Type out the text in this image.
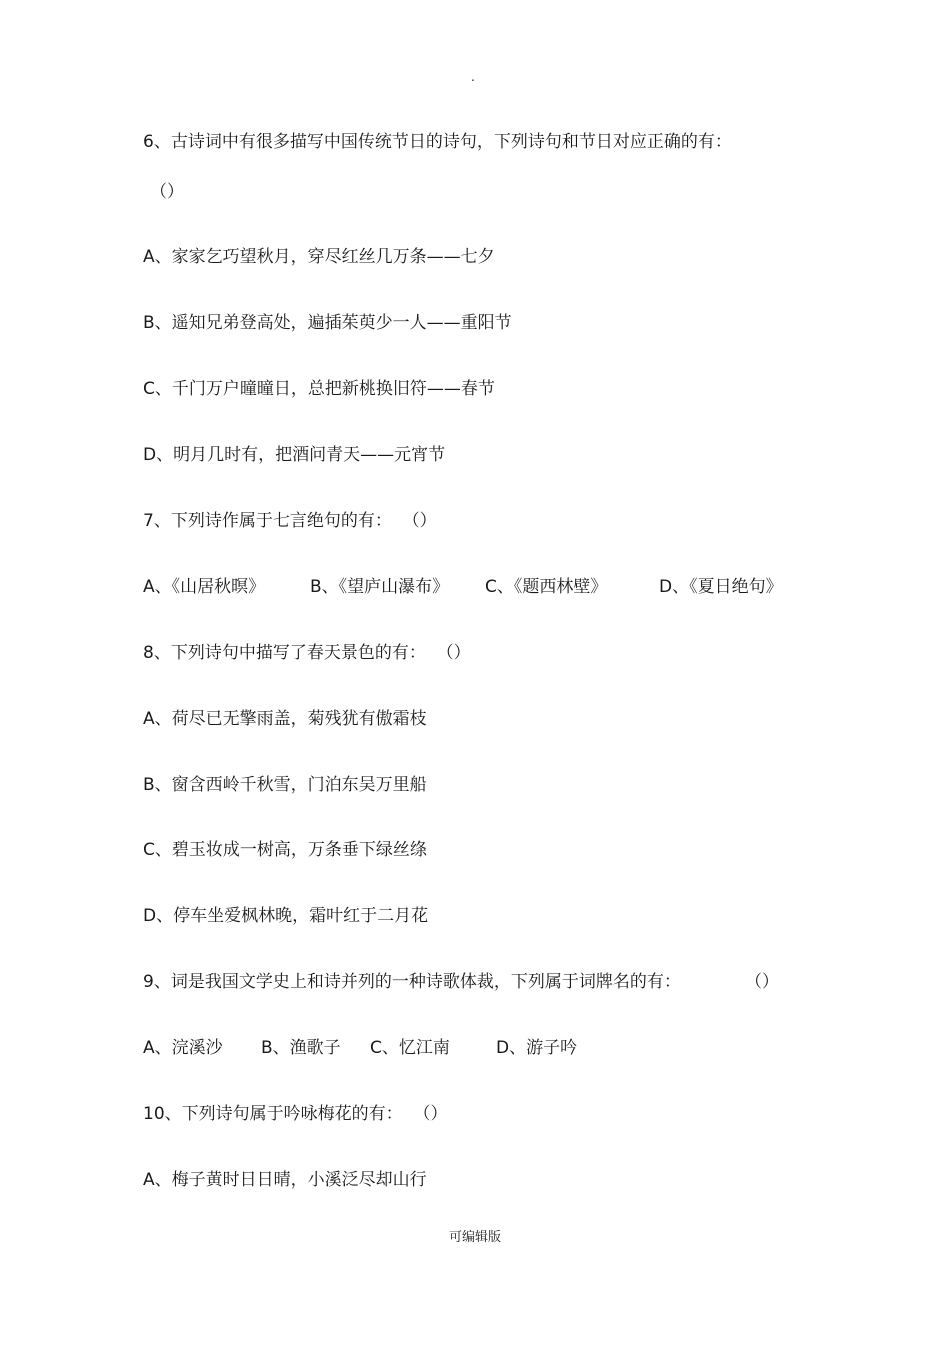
.
6、古诗词中有很多描写中国传统节日的诗句，下列诗句和节日对应正确的有：
（）
A、家家乞巧望秋月，穿尽红丝几万条——七夕
B、遥知兄弟登高处，遍插茱萸少一人——重阳节
C、千门万户曈曈日，总把新桃换旧符——春节
D、明月几时有，把酒问青天——元宵节
7、下列诗作属于七言绝句的有：  （）
A、《山居秋暝》	B、《望庐山瀑布》 C、《题西林壁》	D、《夏日绝句》
8、下列诗句中描写了春天景色的有：  （）
A、荷尽已无擎雨盖，菊残犹有傲霜枝
B、窗含西岭千秋雪，门泊东吴万里船
C、碧玉妆成一树高，万条垂下绿丝绦
D、停车坐爱枫林晚，霜叶红于二月花
9、词是我国文学史上和诗并列的一种诗歌体裁，下列属于词牌名的有：	（）
A、浣溪沙 B、渔歌子 C、忆江南	D、游子吟
10、下列诗句属于吟咏梅花的有：  （）
A、梅子黄时日日晴，小溪泛尽却山行
可编辑版
